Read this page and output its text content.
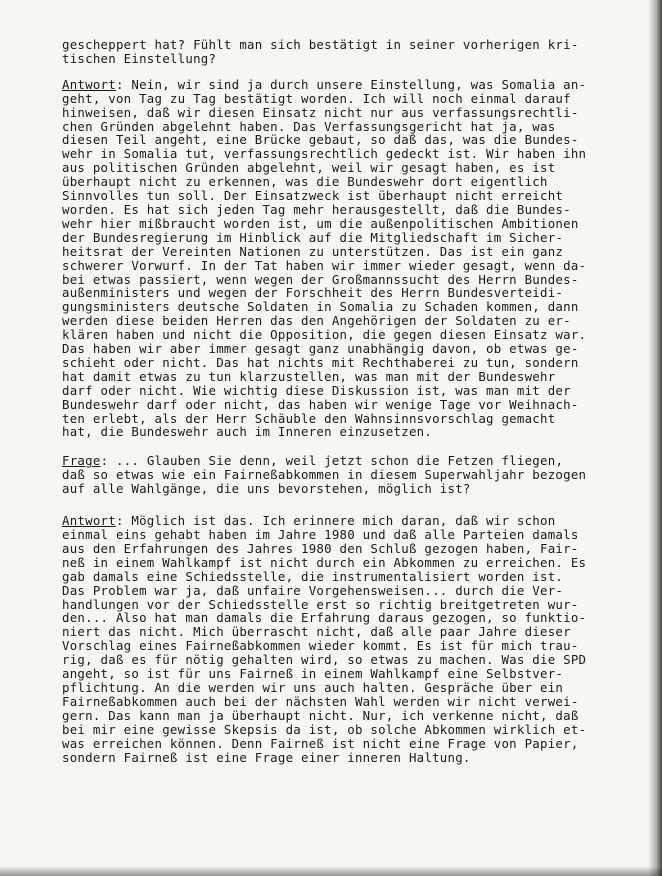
gescheppert hat? Fühlt man sich bestätigt in seiner vorherigen kri-
tischen Einstellung?
Antwort: Nein, wir sind ja durch unsere Einstellung, was Somalia an-
geht, von Tag zu Tag bestätigt worden. Ich will noch einmal darauf
hinweisen, daß wir diesen Einsatz nicht nur aus verfassungsrechtli-
chen Gründen abgelehnt haben. Das Verfassungsgericht hat ja, was
diesen Teil angeht, eine Brücke gebaut, so daß das, was die Bundes-
wehr in Somalia tut, verfassungsrechtlich gedeckt ist. Wir haben ihn
aus politischen Gründen abgelehnt, weil wir gesagt haben, es ist
überhaupt nicht zu erkennen, was die Bundeswehr dort eigentlich
Sinnvolles tun soll. Der Einsatzweck ist überhaupt nicht erreicht
worden. Es hat sich jeden Tag mehr herausgestellt, daß die Bundes-
wehr hier mißbraucht worden ist, um die außenpolitischen Ambitionen
der Bundesregierung im Hinblick auf die Mitgliedschaft im Sicher-
heitsrat der Vereinten Nationen zu unterstützen. Das ist ein ganz
schwerer Vorwurf. In der Tat haben wir immer wieder gesagt, wenn da-
bei etwas passiert, wenn wegen der Großmannssucht des Herrn Bundes-
außenministers und wegen der Forschheit des Herrn Bundesverteidi-
gungsministers deutsche Soldaten in Somalia zu Schaden kommen, dann
werden diese beiden Herren das den Angehörigen der Soldaten zu er-
klären haben und nicht die Opposition, die gegen diesen Einsatz war.
Das haben wir aber immer gesagt ganz unabhängig davon, ob etwas ge-
schieht oder nicht. Das hat nichts mit Rechthaberei zu tun, sondern
hat damit etwas zu tun klarzustellen, was man mit der Bundeswehr
darf oder nicht. Wie wichtig diese Diskussion ist, was man mit der
Bundeswehr darf oder nicht, das haben wir wenige Tage vor Weihnach-
ten erlebt, als der Herr Schäuble den Wahnsinnsvorschlag gemacht
hat, die Bundeswehr auch im Inneren einzusetzen.
Frage: ... Glauben Sie denn, weil jetzt schon die Fetzen fliegen,
daß so etwas wie ein Fairneßabkommen in diesem Superwahljahr bezogen
auf alle Wahlgänge, die uns bevorstehen, möglich ist?
Antwort: Möglich ist das. Ich erinnere mich daran, daß wir schon
einmal eins gehabt haben im Jahre 1980 und daß alle Parteien damals
aus den Erfahrungen des Jahres 1980 den Schluß gezogen haben, Fair-
neß in einem Wahlkampf ist nicht durch ein Abkommen zu erreichen. Es
gab damals eine Schiedsstelle, die instrumentalisiert worden ist.
Das Problem war ja, daß unfaire Vorgehensweisen... durch die Ver-
handlungen vor der Schiedsstelle erst so richtig breitgetreten wur-
den... Also hat man damals die Erfahrung daraus gezogen, so funktio-
niert das nicht. Mich überrascht nicht, daß alle paar Jahre dieser
Vorschlag eines Fairneßabkommen wieder kommt. Es ist für mich trau-
rig, daß es für nötig gehalten wird, so etwas zu machen. Was die SPD
angeht, so ist für uns Fairneß in einem Wahlkampf eine Selbstver-
pflichtung. An die werden wir uns auch halten. Gespräche über ein
Fairneßabkommen auch bei der nächsten Wahl werden wir nicht verwei-
gern. Das kann man ja überhaupt nicht. Nur, ich verkenne nicht, daß
bei mir eine gewisse Skepsis da ist, ob solche Abkommen wirklich et-
was erreichen können. Denn Fairneß ist nicht eine Frage von Papier,
sondern Fairneß ist eine Frage einer inneren Haltung.
